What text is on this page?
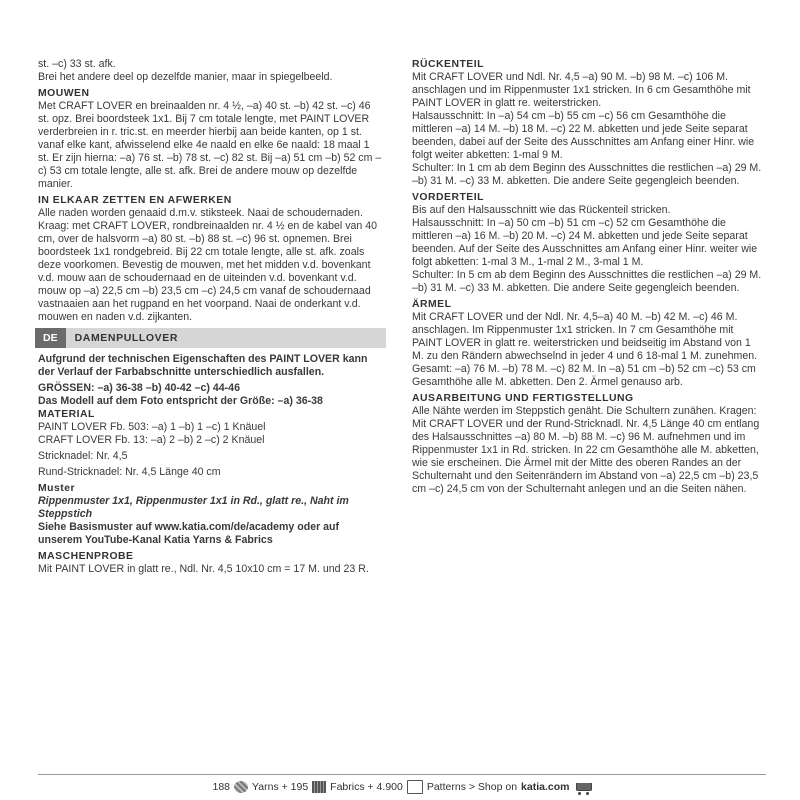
st. –c) 33 st. afk.

Brei het andere deel op dezelfde manier, maar in spiegelbeeld.

MOUWEN

Met CRAFT LOVER en breinaalden nr. 4 ½, –a) 40 st. –b) 42 st. –c) 46 st. opz. Brei boordsteek 1x1. Bij 7 cm totale lengte, met PAINT LOVER verderbreien in r. tric.st. en meerder hierbij aan beide kanten, op 1 st. vanaf elke kant, afwisselend elke 4e naald en elke 6e naald: 18 maal 1 st. Er zijn hierna: –a) 76 st. –b) 78 st. –c) 82 st. Bij –a) 51 cm –b) 52 cm –c) 53 cm totale lengte, alle st. afk. Brei de andere mouw op dezelfde manier.

IN ELKAAR ZETTEN EN AFWERKEN

Alle naden worden genaaid d.m.v. stiksteek. Naai de schoudernaden. Kraag: met CRAFT LOVER, rondbreinaalden nr. 4 ½ en de kabel van 40 cm, over de halsvorm –a) 80 st. –b) 88 st. –c) 96 st. opnemen. Brei boordsteek 1x1 rondgebreid. Bij 22 cm totale lengte, alle st. afk. zoals deze voorkomen. Bevestig de mouwen, met het midden v.d. bovenkant v.d. mouw aan de schoudernaad en de uiteinden v.d. bovenkant v.d. mouw op –a) 22,5 cm –b) 23,5 cm –c) 24,5 cm vanaf de schoudernaad vastnaaien aan het rugpand en het voorpand. Naai de onderkant v.d. mouwen en naden v.d. zijkanten.

DE	DAMENPULLOVER

Aufgrund der technischen Eigenschaften des PAINT LOVER kann der Verlauf der Farbabschnitte unterschiedlich ausfallen.

GRÖSSEN: –a) 36-38 –b) 40-42 –c) 44-46

Das Modell auf dem Foto entspricht der Größe: –a) 36-38

MATERIAL

PAINT LOVER Fb. 503: –a) 1 –b) 1 –c) 1 Knäuel

CRAFT LOVER Fb. 13: –a) 2 –b) 2 –c) 2 Knäuel

Stricknadel: Nr. 4,5

Rund-Stricknadel: Nr. 4,5 Länge 40 cm

Muster

Rippenmuster 1x1, Rippenmuster 1x1 in Rd., glatt re., Naht im Steppstich

Siehe Basismuster auf www.katia.com/de/academy oder auf unserem YouTube-Kanal Katia Yarns & Fabrics

MASCHENPROBE

Mit PAINT LOVER in glatt re., Ndl. Nr. 4,5 10x10 cm = 17 M. und 23 R.

RÜCKENTEIL

Mit CRAFT LOVER und Ndl. Nr. 4,5 –a) 90 M. –b) 98 M. –c) 106 M. anschlagen und im Rippenmuster 1x1 stricken. In 6 cm Gesamthöhe mit PAINT LOVER in glatt re. weiterstricken.

Halsausschnitt: In –a) 54 cm –b) 55 cm –c) 56 cm Gesamthöhe die mittleren –a) 14 M. –b) 18 M. –c) 22 M. abketten und jede Seite separat beenden, dabei auf der Seite des Ausschnittes am Anfang einer Hinr. wie folgt weiter abketten: 1-mal 9 M.

Schulter: In 1 cm ab dem Beginn des Ausschnittes die restlichen –a) 29 M. –b) 31 M. –c) 33 M. abketten. Die andere Seite gegengleich beenden.

VORDERTEIL

Bis auf den Halsausschnitt wie das Rückenteil stricken.

Halsausschnitt: In –a) 50 cm –b) 51 cm –c) 52 cm Gesamthöhe die mittleren –a) 16 M. –b) 20 M. –c) 24 M. abketten und jede Seite separat beenden. Auf der Seite des Ausschnittes am Anfang einer Hinr. weiter wie folgt abketten: 1-mal 3 M., 1-mal 2 M., 3-mal 1 M.

Schulter: In 5 cm ab dem Beginn des Ausschnittes die restlichen –a) 29 M. –b) 31 M. –c) 33 M. abketten. Die andere Seite gegengleich beenden.

ÄRMEL

Mit CRAFT LOVER und der Ndl. Nr. 4,5–a) 40 M. –b) 42 M. –c) 46 M. anschlagen. Im Rippenmuster 1x1 stricken. In 7 cm Gesamthöhe mit PAINT LOVER in glatt re. weiterstricken und beidseitig im Abstand von 1 M. zu den Rändern abwechselnd in jeder 4 und 6 18-mal 1 M. zunehmen. Gesamt: –a) 76 M. –b) 78 M. –c) 82 M. In –a) 51 cm –b) 52 cm –c) 53 cm Gesamthöhe alle M. abketten. Den 2. Ärmel genauso arb.

AUSARBEITUNG UND FERTIGSTELLUNG

Alle Nähte werden im Steppstich genäht. Die Schultern zunähen. Kragen: Mit CRAFT LOVER und der Rund-Stricknadl. Nr. 4,5 Länge 40 cm entlang des Halsausschnittes –a) 80 M. –b) 88 M. –c) 96 M. aufnehmen und im Rippenmuster 1x1 in Rd. stricken. In 22 cm Gesamthöhe alle M. abketten, wie sie erscheinen. Die Ärmel mit der Mitte des oberen Randes an der Schulternaht und den Seitenrändern im Abstand von –a) 22,5 cm –b) 23,5 cm –c) 24,5 cm von der Schulternaht anlegen und an die Seiten nähen.

188 Yarns + 195 Fabrics + 4.900 Patterns > Shop on katia.com
